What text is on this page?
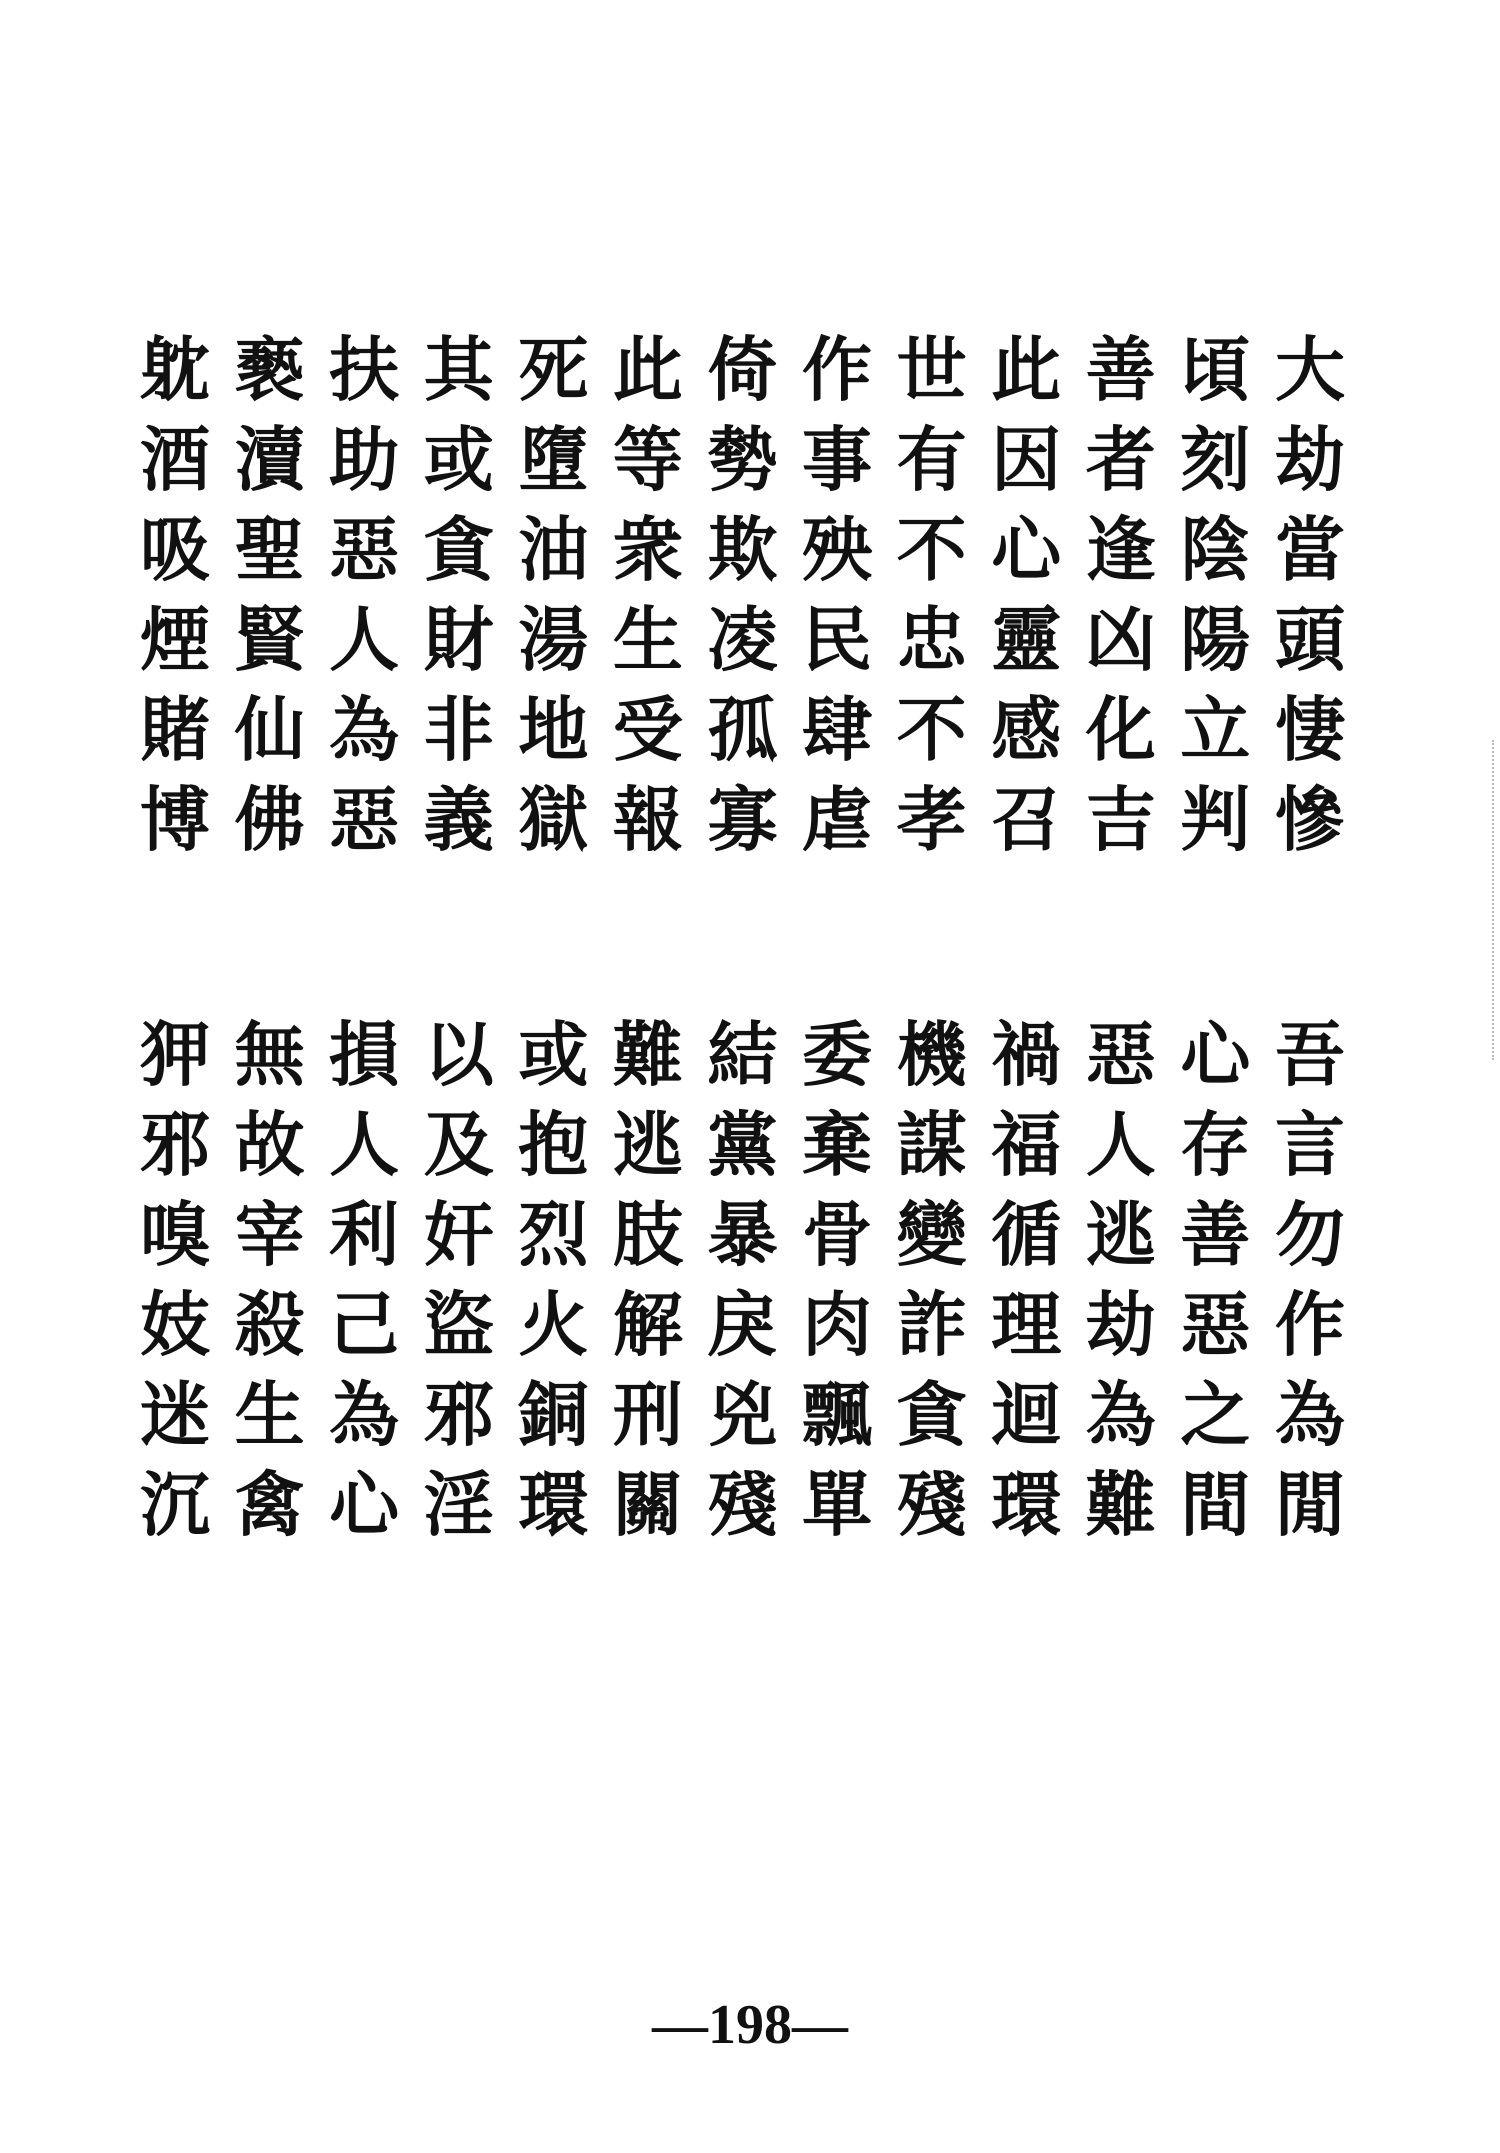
大
劫
當
頭
悽
慘
頃
刻
陰
陽
立
判
善
者
逢
凶
化
吉
此
因
心
靈
感
召
世
有
不
忠
不
孝
作
事
殃
民
肆
虐
倚
勢
欺
凌
孤
寡
此
等
衆
生
受
報
死
墮
油
湯
地
獄
其
或
貪
財
非
義
扶
助
惡
人
為
惡
褻
瀆
聖
賢
仙
佛
躭
酒
吸
煙
賭
博
吾
言
勿
作
為
閒
心
存
善
惡
之
間
惡
人
逃
劫
為
難
禍
福
循
理
迴
環
機
謀
變
詐
貪
殘
委
棄
骨
肉
飄
單
結
黨
暴
戾
兇
殘
難
逃
肢
解
刑
關
或
抱
烈
火
銅
環
以
及
奸
盜
邪
淫
損
人
利
己
為
心
無
故
宰
殺
生
禽
狎
邪
嗅
妓
迷
沉
—198—
